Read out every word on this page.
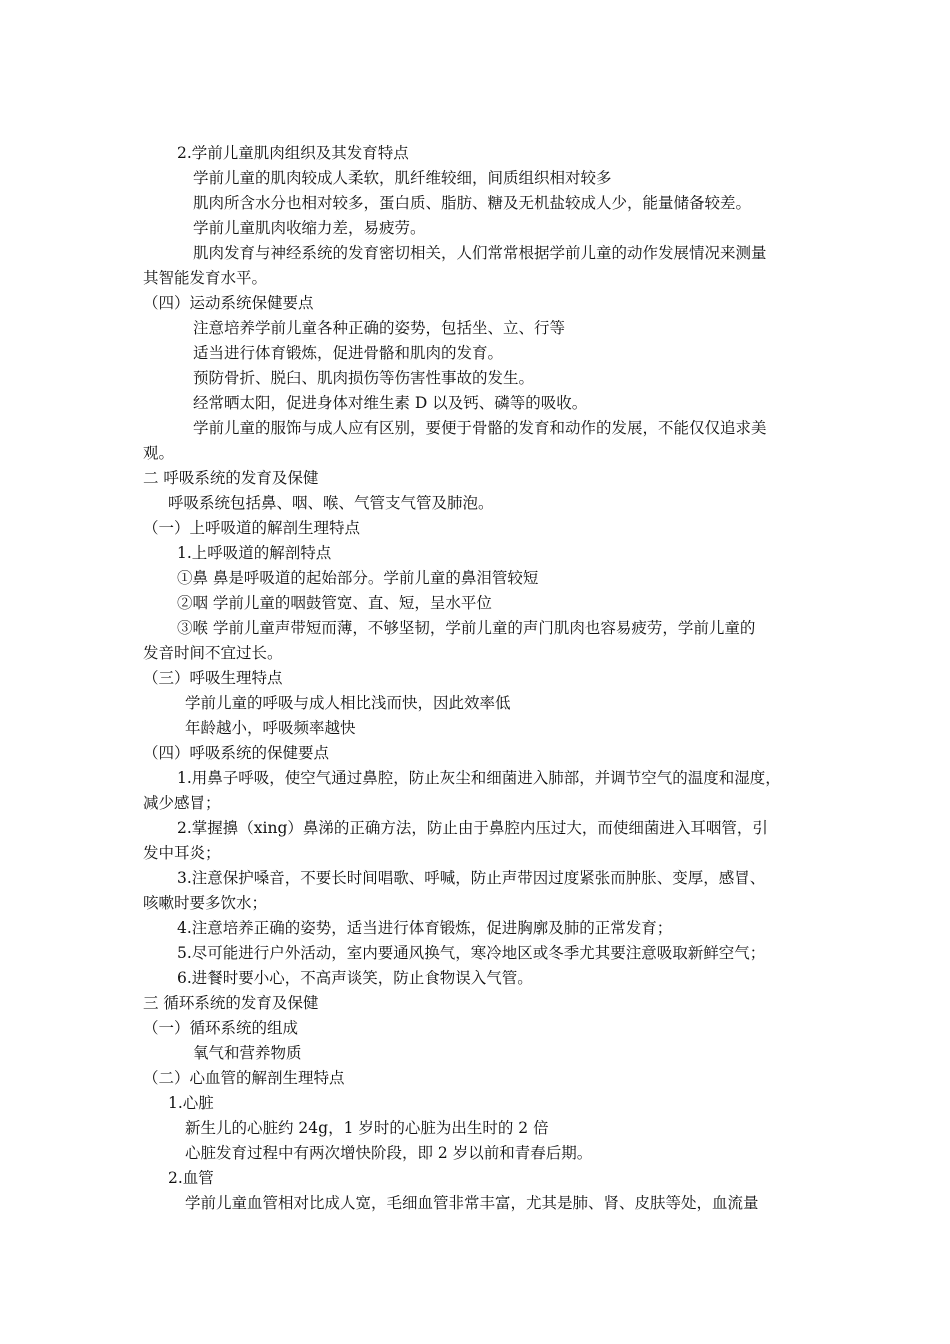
2.学前儿童肌肉组织及其发育特点
学前儿童的肌肉较成人柔软，肌纤维较细，间质组织相对较多
肌肉所含水分也相对较多，蛋白质、脂肪、糖及无机盐较成人少，能量储备较差。
学前儿童肌肉收缩力差，易疲劳。
肌肉发育与神经系统的发育密切相关，人们常常根据学前儿童的动作发展情况来测量
其智能发育水平。
（四）运动系统保健要点
注意培养学前儿童各种正确的姿势，包括坐、立、行等
适当进行体育锻炼，促进骨骼和肌肉的发育。
预防骨折、脱臼、肌肉损伤等伤害性事故的发生。
经常晒太阳，促进身体对维生素 D 以及钙、磷等的吸收。
学前儿童的服饰与成人应有区别，要便于骨骼的发育和动作的发展，不能仅仅追求美
观。
二 呼吸系统的发育及保健
呼吸系统包括鼻、咽、喉、气管支气管及肺泡。
（一）上呼吸道的解剖生理特点
1.上呼吸道的解剖特点
①鼻 鼻是呼吸道的起始部分。学前儿童的鼻泪管较短
②咽 学前儿童的咽鼓管宽、直、短，呈水平位
③喉 学前儿童声带短而薄，不够坚韧，学前儿童的声门肌肉也容易疲劳，学前儿童的
发音时间不宜过长。
（三）呼吸生理特点
学前儿童的呼吸与成人相比浅而快，因此效率低
年龄越小，呼吸频率越快
（四）呼吸系统的保健要点
1.用鼻子呼吸，使空气通过鼻腔，防止灰尘和细菌进入肺部，并调节空气的温度和湿度，
减少感冒；
2.掌握擤（xing）鼻涕的正确方法，防止由于鼻腔内压过大，而使细菌进入耳咽管，引
发中耳炎；
3.注意保护嗓音，不要长时间唱歌、呼喊，防止声带因过度紧张而肿胀、变厚，感冒、
咳嗽时要多饮水；
4.注意培养正确的姿势，适当进行体育锻炼，促进胸廓及肺的正常发育；
5.尽可能进行户外活动，室内要通风换气，寒冷地区或冬季尤其要注意吸取新鲜空气；
6.进餐时要小心，不高声谈笑，防止食物误入气管。
三 循环系统的发育及保健
（一）循环系统的组成
氧气和营养物质
（二）心血管的解剖生理特点
1.心脏
新生儿的心脏约 24g，1 岁时的心脏为出生时的 2 倍
心脏发育过程中有两次增快阶段，即 2 岁以前和青春后期。
2.血管
学前儿童血管相对比成人宽，毛细血管非常丰富，尤其是肺、肾、皮肤等处，血流量
